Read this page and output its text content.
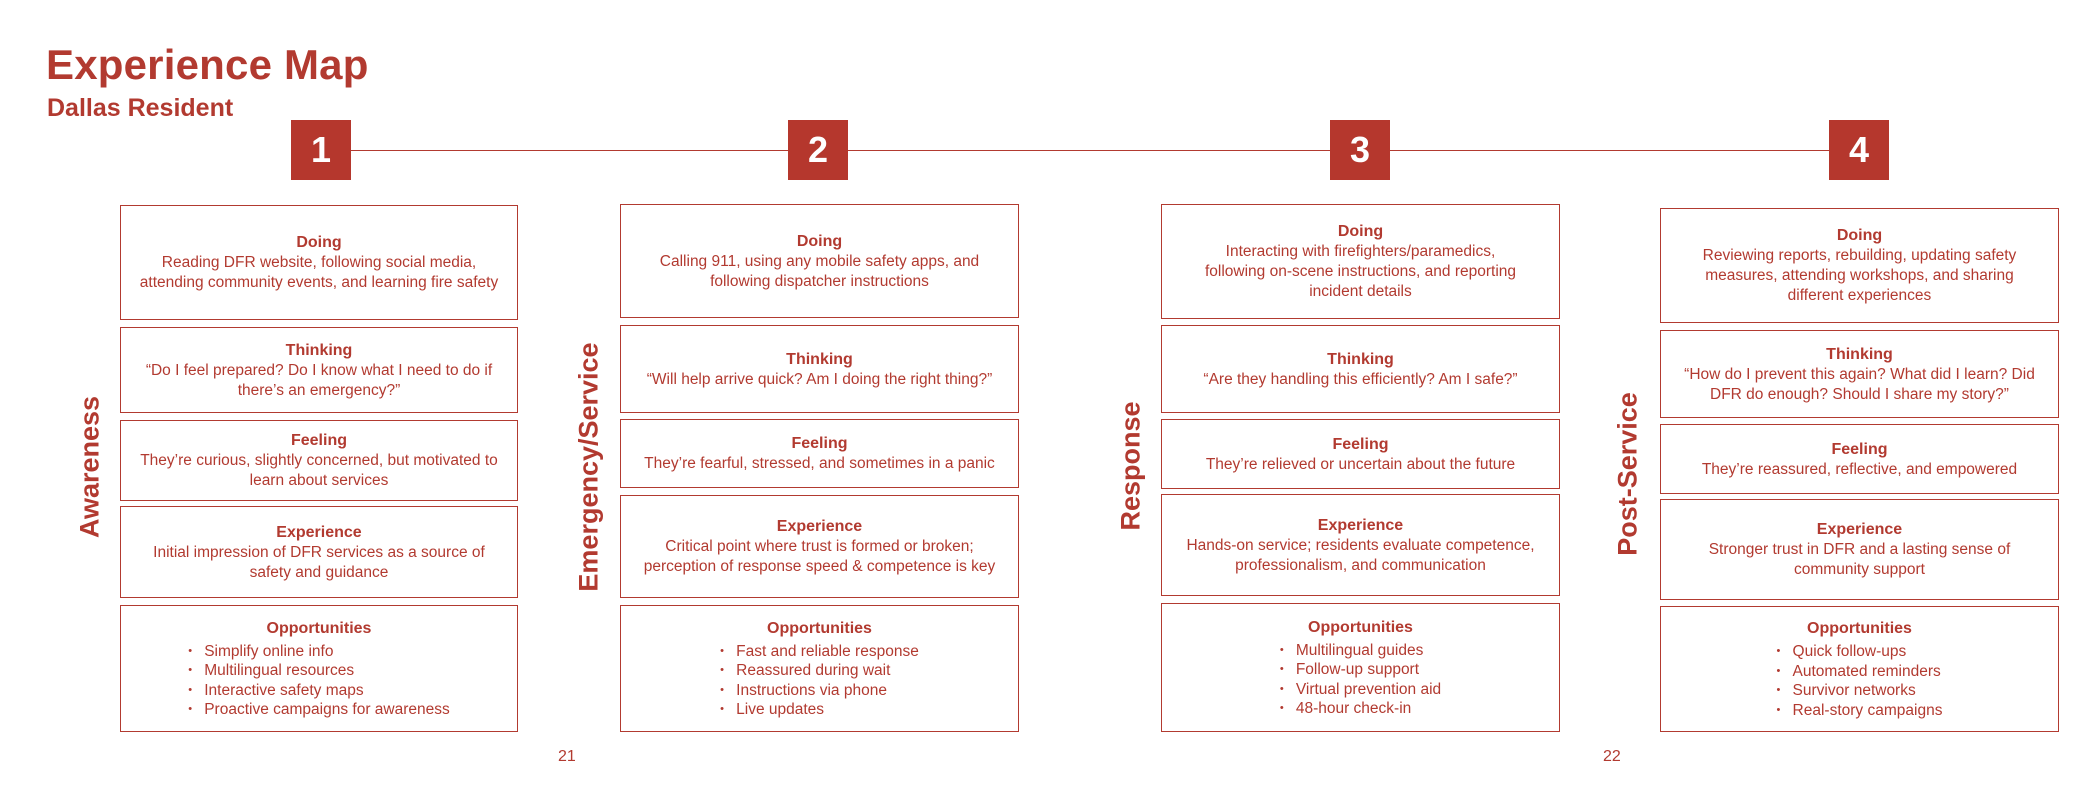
Experience Map
Dallas Resident
1
Awareness
Doing
Reading DFR website, following social media,
attending community events, and learning fire safety
Thinking
“Do I feel prepared? Do I know what I need to do if
there’s an emergency?”
Feeling
They’re curious, slightly concerned, but motivated to
learn about services
Experience
Initial impression of DFR services as a source of
safety and guidance
Opportunities
• Simplify online info
• Multilingual resources
• Interactive safety maps
• Proactive campaigns for awareness
2
Emergency/Service
Doing
Calling 911, using any mobile safety apps, and
following dispatcher instructions
Thinking
“Will help arrive quick? Am I doing the right thing?”
Feeling
They’re fearful, stressed, and sometimes in a panic
Experience
Critical point where trust is formed or broken;
perception of response speed & competence is key
Opportunities
• Fast and reliable response
• Reassured during wait
• Instructions via phone
• Live updates
3
Response
Doing
Interacting with firefighters/paramedics,
following on-scene instructions, and reporting
incident details
Thinking
“Are they handling this efficiently? Am I safe?”
Feeling
They’re relieved or uncertain about the future
Experience
Hands-on service; residents evaluate competence,
professionalism, and communication
Opportunities
• Multilingual guides
• Follow-up support
• Virtual prevention aid
• 48-hour check-in
4
Post-Service
Doing
Reviewing reports, rebuilding, updating safety
measures, attending workshops, and sharing
different experiences
Thinking
“How do I prevent this again? What did I learn? Did
DFR do enough? Should I share my story?”
Feeling
They’re reassured, reflective, and empowered
Experience
Stronger trust in DFR and a lasting sense of
community support
Opportunities
• Quick follow-ups
• Automated reminders
• Survivor networks
• Real-story campaigns
21	22
